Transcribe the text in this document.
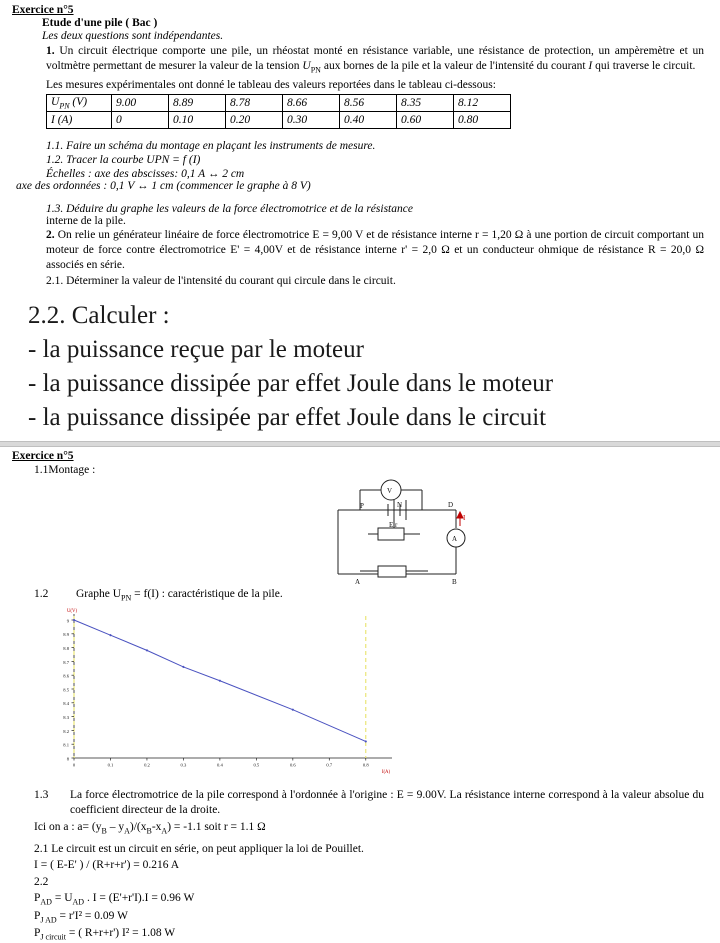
Exercice n°5
Etude d'une pile ( Bac )
Les deux questions sont indépendantes.
1. Un circuit électrique comporte une pile, un rhéostat monté en résistance variable, une résistance de protection, un ampèremètre et un voltmètre permettant de mesurer la valeur de la tension $U_{PN}$ aux bornes de la pile et la valeur de l'intensité du courant I qui traverse le circuit.
Les mesures expérimentales ont donné le tableau des valeurs reportées dans le tableau ci-dessous:
$U_{PN}$ (V)	9.00	8.89	8.78	8.66	8.56	8.35	8.12
I (A)	0	0.10	0.20	0.30	0.40	0.60	0.80
1.1. Faire un schéma du montage en plaçant les instruments de mesure.
1.2. Tracer la courbe UPN = f (I)
Échelles : axe des abscisses: 0,1 A ↔ 2 cm
axe des ordonnées : 0,1 V ↔ 1 cm (commencer le graphe à 8 V)
1.3. Déduire du graphe les valeurs de la force électromotrice et de la résistance
interne de la pile.
2. On relie un générateur linéaire de force électromotrice E = 9,00 V et de résistance interne r = 1,20 Ω à une portion de circuit comportant un moteur de force contre électromotrice E' = 4,00V et de résistance interne r' = 2,0 Ω et un conducteur ohmique de résistance R = 20,0 Ω associés en série.
2.1. Déterminer la valeur de l'intensité du courant qui circule dans le circuit.
2.2. Calculer :
- la puissance reçue par le moteur
- la puissance dissipée par effet Joule dans le moteur
- la puissance dissipée par effet Joule dans le circuit
Exercice n°5
1.1Montage :
V
A
P	N	D
A	B
E,r
I
1.2 Graphe $U_{PN} = f(I)$ : caractéristique de la pile.
8
8.1
8.2
8.3
8.4
8.5
8.6
8.7
8.8
8.9
9
0	0.1	0.2	0.3	0.4	0.5	0.6	0.7	0.8
U(V)
I(A)
1.3	La force électromotrice de la pile correspond à l'ordonnée à l'origine : E = 9.00V. La résistance interne correspond à la valeur absolue du coefficient directeur de la droite.
Ici on a : $a= (y_B - y_A)/(x_B-x_A) = -1.1$ soit r = 1.1 Ω
2.1 Le circuit est un circuit en série, on peut appliquer la loi de Pouillet.
I = ( E-E' ) / (R+r+r') = 0.216 A
2.2
$P_{AD} = U_{AD}$ . I = (E'+r'I).I = 0.96 W
$P_{J AD} = r'I^2 = 0.09$ W
$P_{J circuit}$ = ( R+r+r') I² = 1.08 W
